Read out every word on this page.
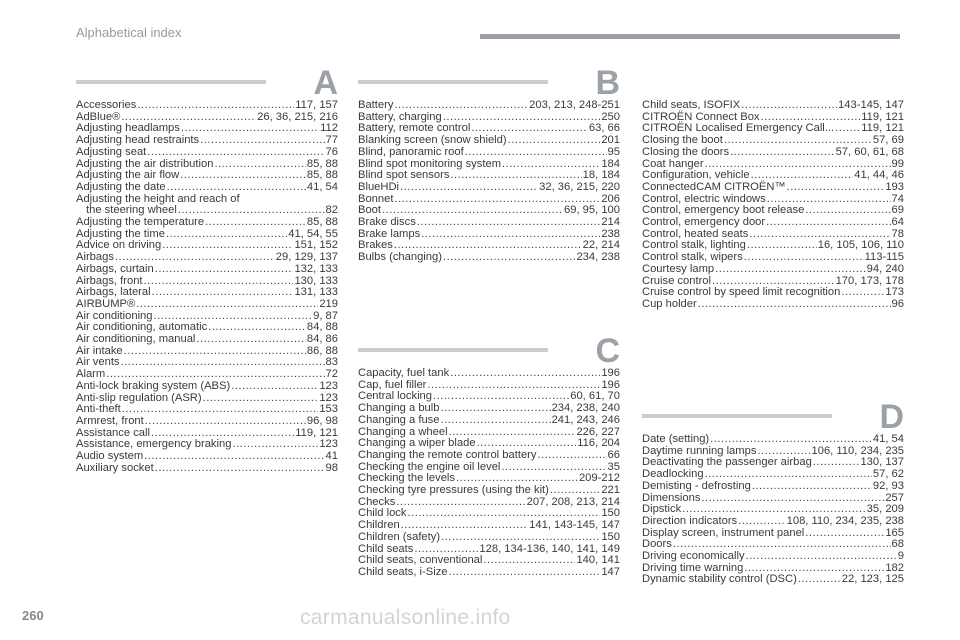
Alphabetical index
A
Accessories .....	117, 157
AdBlue® .....	26, 36, 215, 216
Adjusting headlamps .....	112
Adjusting head restraints .....	77
Adjusting seat .....	76
Adjusting the air distribution .....	85, 88
Adjusting the air flow .....	85, 88
Adjusting the date .....	41, 54
Adjusting the height and reach of
the steering wheel .....	82
Adjusting the temperature .....	85, 88
Adjusting the time .....	41, 54, 55
Advice on driving .....	151, 152
Airbags .....	29, 129, 137
Airbags, curtain .....	132, 133
Airbags, front .....	130, 133
Airbags, lateral .....	131, 133
AIRBUMP® .....	219
Air conditioning .....	9, 87
Air conditioning, automatic .....	84, 88
Air conditioning, manual .....	84, 86
Air intake .....	86, 88
Air vents .....	83
Alarm .....	72
Anti-lock braking system (ABS) .....	123
Anti-slip regulation (ASR) .....	123
Anti-theft .....	153
Armrest, front .....	96, 98
Assistance call .....	119, 121
Assistance, emergency braking .....	123
Audio system .....	41
Auxiliary socket .....	98
B
Battery .....	203, 213, 248-251
Battery, charging .....	250
Battery, remote control .....	63, 66
Blanking screen (snow shield) .....	201
Blind, panoramic roof .....	95
Blind spot monitoring system .....	184
Blind spot sensors .....	18, 184
BlueHDi .....	32, 36, 215, 220
Bonnet .....	206
Boot .....	69, 95, 100
Brake discs .....	214
Brake lamps .....	238
Brakes .....	22, 214
Bulbs (changing) .....	234, 238
C
Capacity, fuel tank .....	196
Cap, fuel filler .....	196
Central locking .....	60, 61, 70
Changing a bulb .....	234, 238, 240
Changing a fuse .....	241, 243, 246
Changing a wheel .....	226, 227
Changing a wiper blade .....	116, 204
Changing the remote control battery .....	66
Checking the engine oil level .....	35
Checking the levels .....	209-212
Checking tyre pressures (using the kit) .....	221
Checks .....	207, 208, 213, 214
Child lock .....	150
Children .....	141, 143-145, 147
Children (safety) .....	150
Child seats .....	128, 134-136, 140, 141, 149
Child seats, conventional .....	140, 141
Child seats, i-Size .....	147
Child seats, ISOFIX .....	143-145, 147
CITROËN Connect Box .....	119, 121
CITROËN Localised Emergency Call... ..... 119, 121
Closing the boot .....	57, 69
Closing the doors .....	57, 60, 61, 68
Coat hanger .....	99
Configuration, vehicle .....	41, 44, 46
ConnectedCAM CITROËN™ .....	193
Control, electric windows .....	74
Control, emergency boot release .....	69
Control, emergency door .....	64
Control, heated seats .....	78
Control stalk, lighting .....	16, 105, 106, 110
Control stalk, wipers .....	113-115
Courtesy lamp .....	94, 240
Cruise control .....	170, 173, 178
Cruise control by speed limit recognition .....	173
Cup holder .....	96
D
Date (setting) .....	41, 54
Daytime running lamps .....	106, 110, 234, 235
Deactivating the passenger airbag .....	130, 137
Deadlocking .....	57, 62
Demisting - defrosting .....	92, 93
Dimensions .....	257
Dipstick .....	35, 209
Direction indicators .....	108, 110, 234, 235, 238
Display screen, instrument panel .....	165
Doors .....	68
Driving economically .....	9
Driving time warning .....	182
Dynamic stability control (DSC) .....	22, 123, 125
260	carmanualsonline.info
